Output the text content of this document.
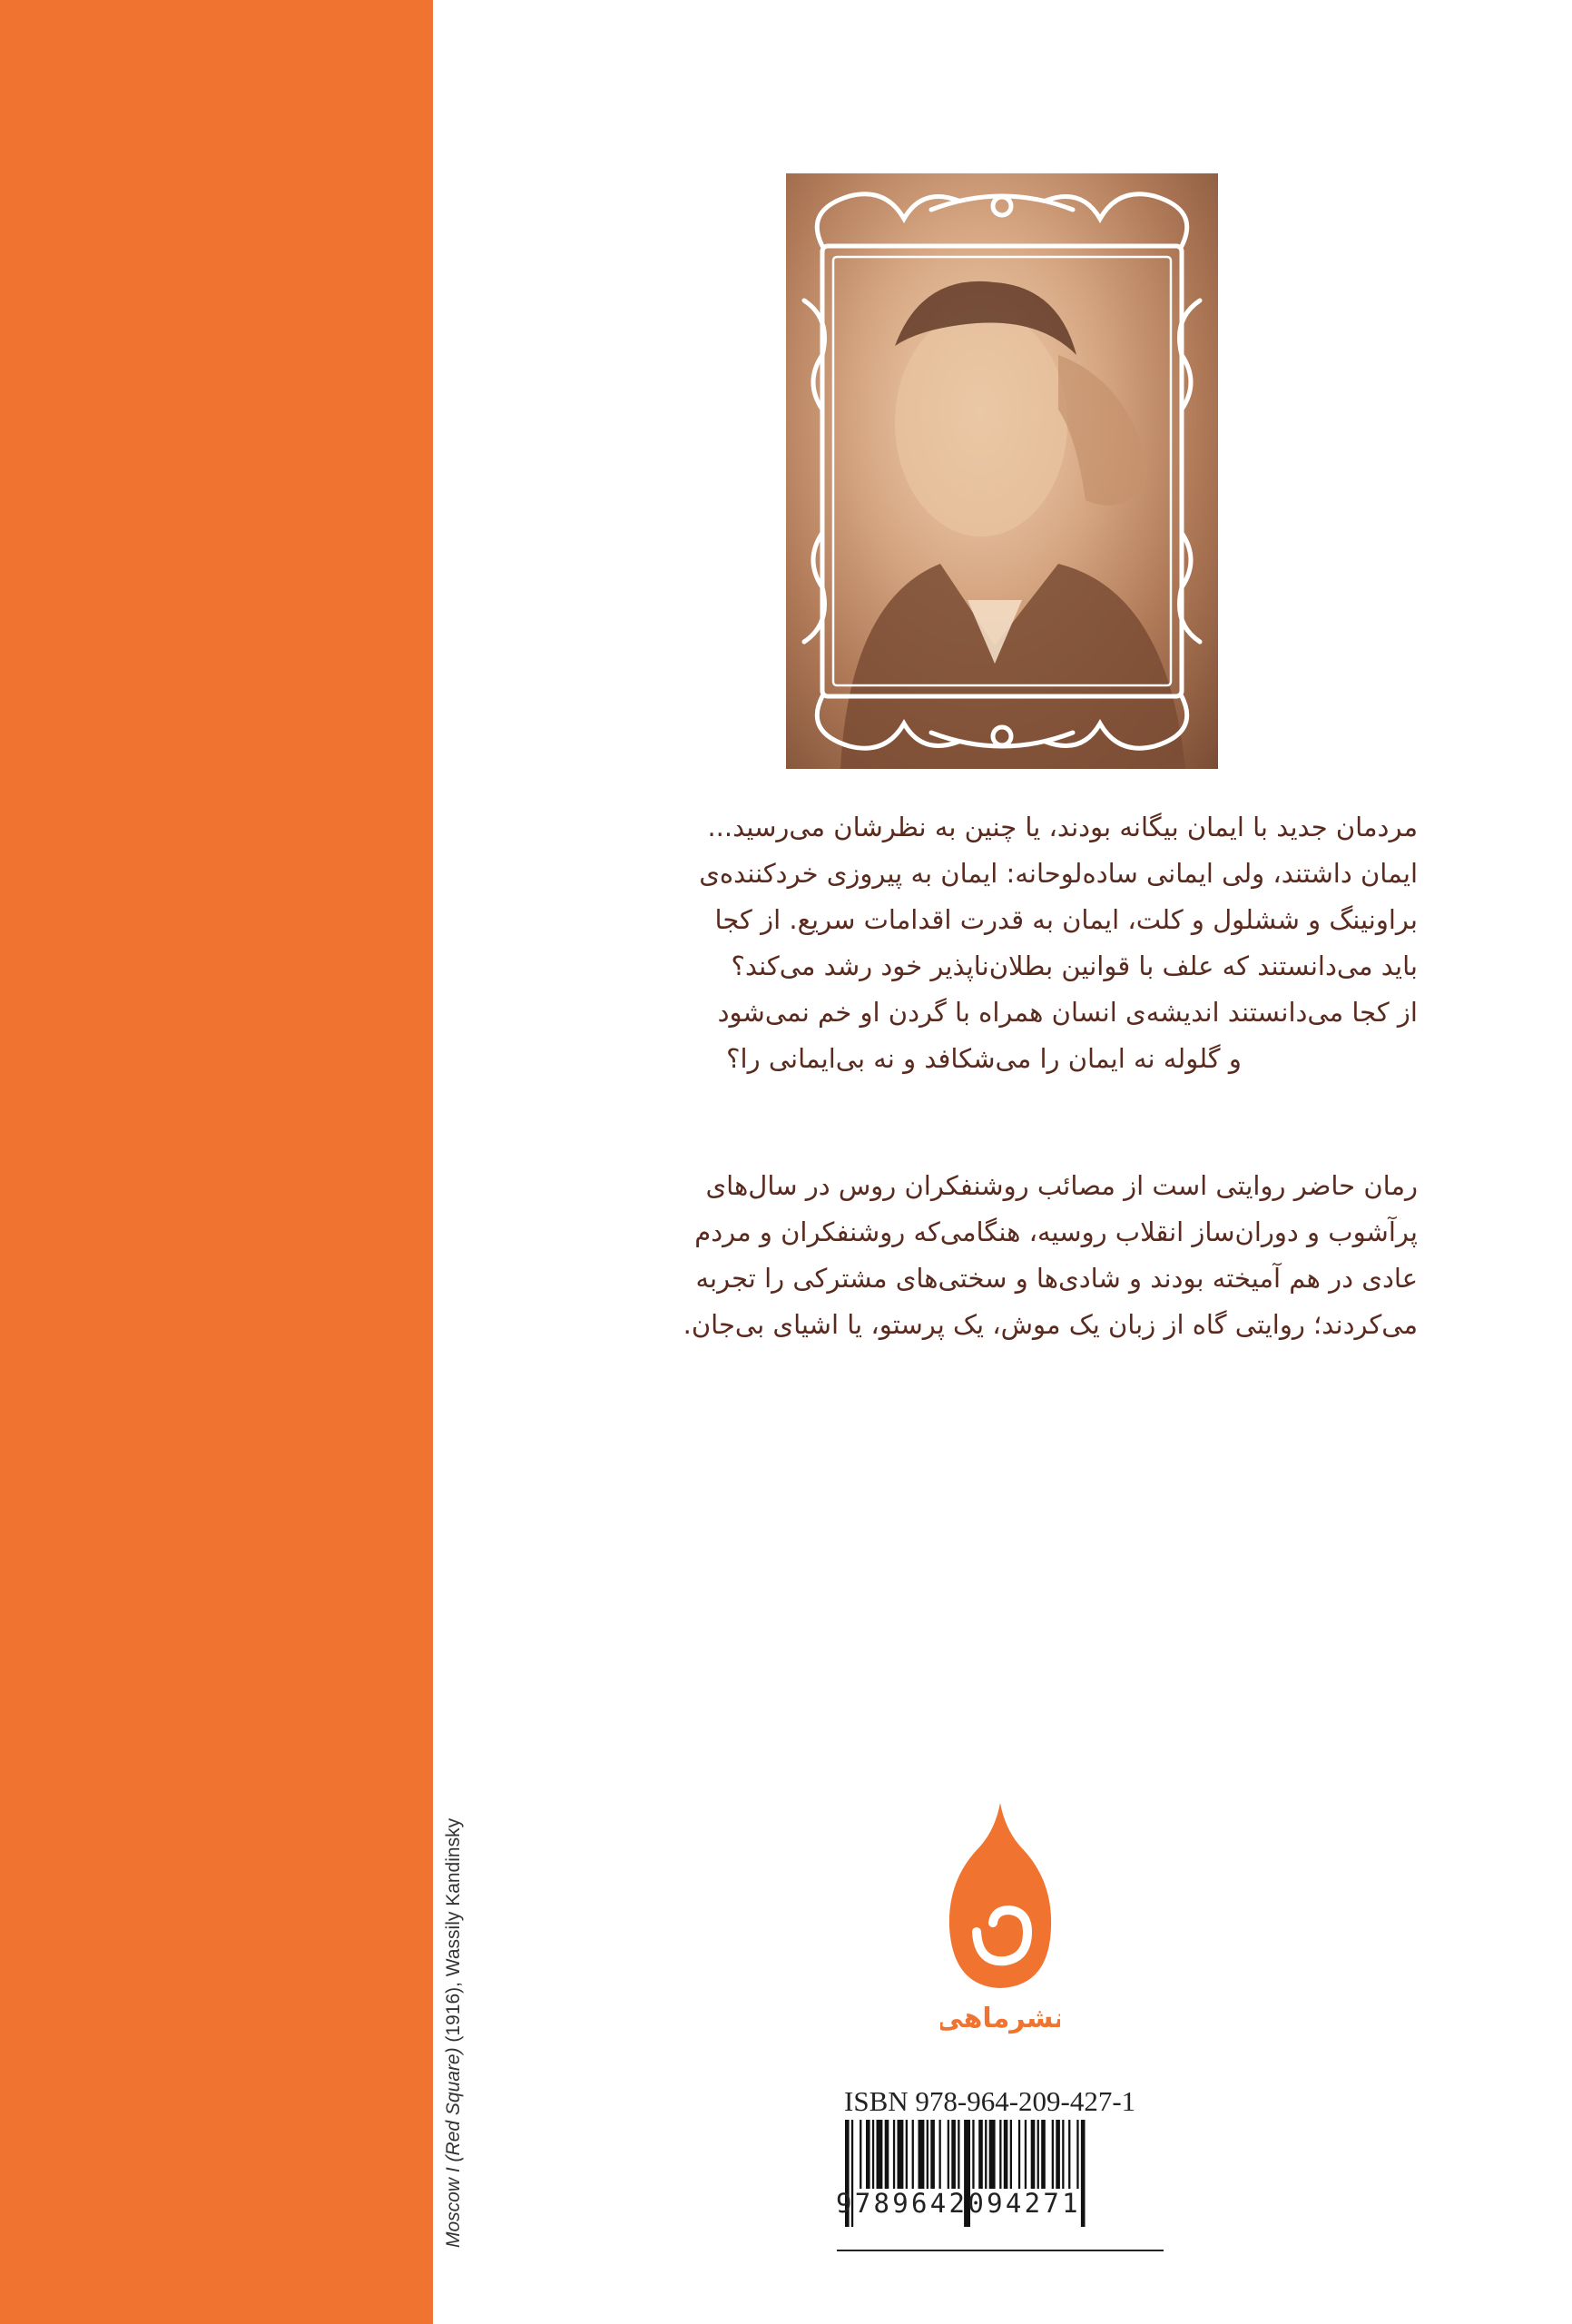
Moscow I (Red Square) (1916), Wassily Kandinsky
مردمان جدید با ایمان بیگانه بودند، یا چنین به نظرشان می‌رسید...
ایمان داشتند، ولی ایمانی ساده‌لوحانه: ایمان به پیروزی خردکننده‌ی
براونینگ و ششلول و کلت، ایمان به قدرت اقدامات سریع. از کجا
باید می‌دانستند که علف با قوانین بطلان‌ناپذیر خود رشد می‌کند؟
از کجا می‌دانستند اندیشه‌ی انسان همراه با گردن او خم نمی‌شود
و گلوله نه ایمان را می‌شکافد و نه بی‌ایمانی را؟
رمان حاضر روایتی است از مصائب روشنفکران روس در سال‌های
پرآشوب و دوران‌ساز انقلاب روسیه، هنگامی‌که روشنفکران و مردم
عادی در هم آمیخته بودند و شادی‌ها و سختی‌های مشترکی را تجربه
می‌کردند؛ روایتی گاه از زبان یک موش، یک پرستو، یا اشیای بی‌جان.
نشرماهی
ISBN 978-964-209-427-1
9789642094271
